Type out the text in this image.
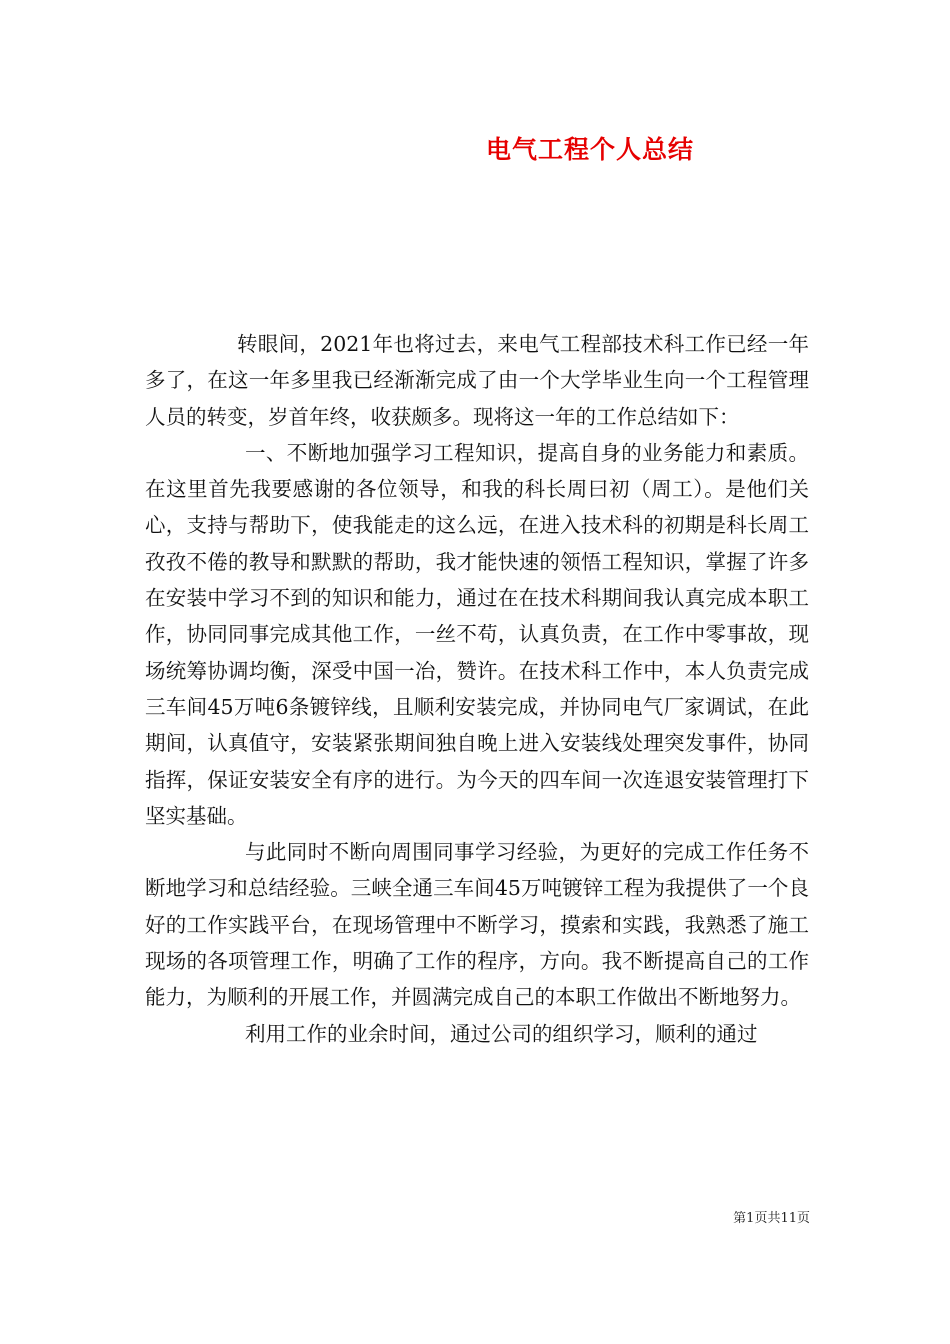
电气工程个人总结

转眼间，2021年也将过去，来电气工程部技术科工作已经一年多了，在这一年多里我已经渐渐完成了由一个大学毕业生向一个工程管理人员的转变，岁首年终，收获颇多。现将这一年的工作总结如下：

一、不断地加强学习工程知识，提高自身的业务能力和素质。在这里首先我要感谢的各位领导，和我的科长周曰初（周工）。是他们关心，支持与帮助下，使我能走的这么远，在进入技术科的初期是科长周工孜孜不倦的教导和默默的帮助，我才能快速的领悟工程知识，掌握了许多在安装中学习不到的知识和能力，通过在在技术科期间我认真完成本职工作，协同同事完成其他工作，一丝不苟，认真负责，在工作中零事故，现场统筹协调均衡，深受中国一冶，赞许。在技术科工作中，本人负责完成三车间45万吨6条镀锌线，且顺利安装完成，并协同电气厂家调试，在此期间，认真值守，安装紧张期间独自晚上进入安装线处理突发事件，协同指挥，保证安装安全有序的进行。为今天的四车间一次连退安装管理打下坚实基础。

与此同时不断向周围同事学习经验，为更好的完成工作任务不断地学习和总结经验。三峡全通三车间45万吨镀锌工程为我提供了一个良好的工作实践平台，在现场管理中不断学习，摸索和实践，我熟悉了施工现场的各项管理工作，明确了工作的程序，方向。我不断提高自己的工作能力，为顺利的开展工作，并圆满完成自己的本职工作做出不断地努力。

利用工作的业余时间，通过公司的组织学习，顺利的通过

第1页共11页
